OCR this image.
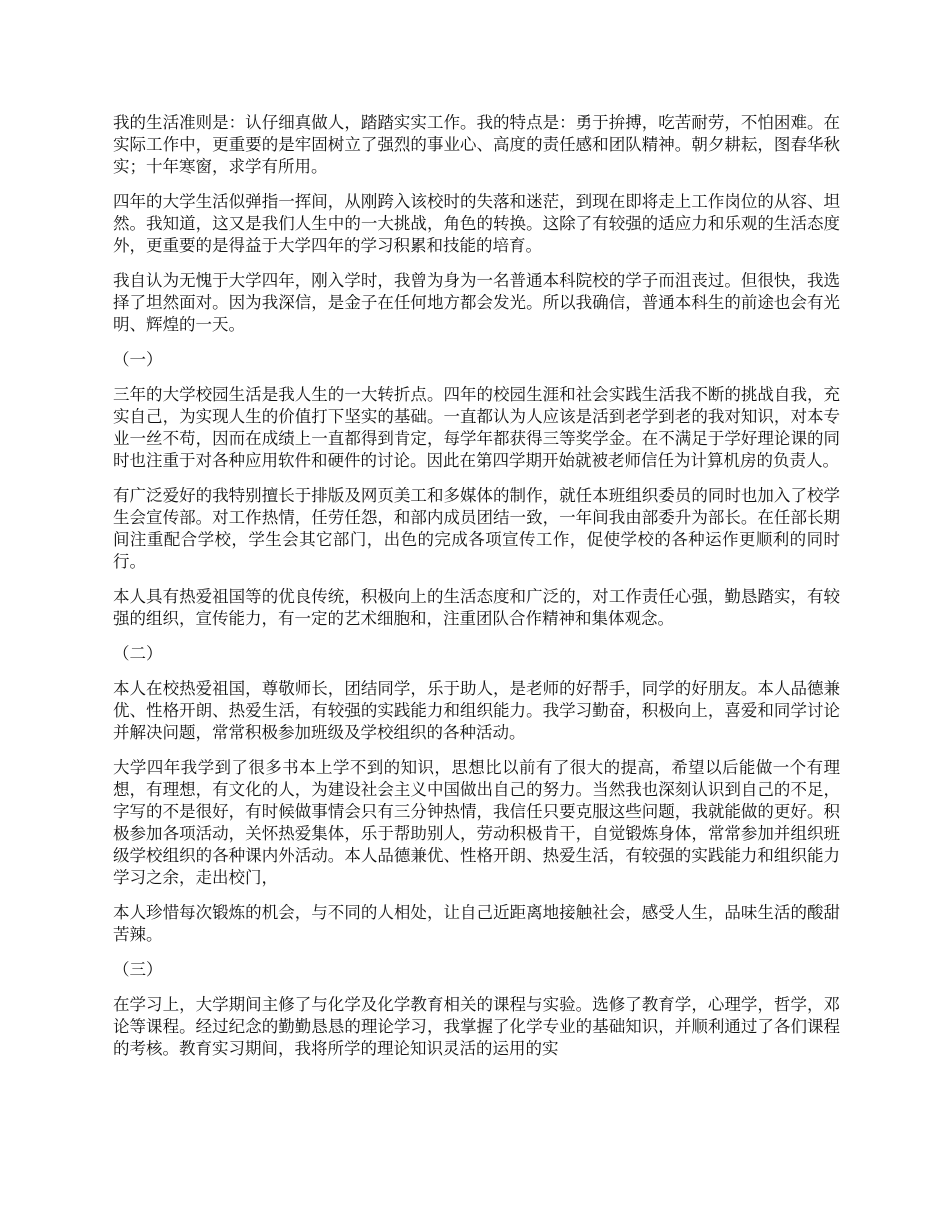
我的生活准则是：认仔细真做人，踏踏实实工作。我的特点是：勇于拚搏，吃苦耐劳，不怕困难。在实际工作中，更重要的是牢固树立了强烈的事业心、高度的责任感和团队精神。朝夕耕耘，图春华秋实；十年寒窗，求学有所用。

四年的大学生活似弹指一挥间，从刚跨入该校时的失落和迷茫，到现在即将走上工作岗位的从容、坦然。我知道，这又是我们人生中的一大挑战，角色的转换。这除了有较强的适应力和乐观的生活态度外，更重要的是得益于大学四年的学习积累和技能的培育。

我自认为无愧于大学四年，刚入学时，我曾为身为一名普通本科院校的学子而沮丧过。但很快，我选择了坦然面对。因为我深信，是金子在任何地方都会发光。所以我确信，普通本科生的前途也会有光明、辉煌的一天。

（一）

三年的大学校园生活是我人生的一大转折点。四年的校园生涯和社会实践生活我不断的挑战自我，充实自己，为实现人生的价值打下坚实的基础。一直都认为人应该是活到老学到老的我对知识，对本专业一丝不苟，因而在成绩上一直都得到肯定，每学年都获得三等奖学金。在不满足于学好理论课的同时也注重于对各种应用软件和硬件的讨论。因此在第四学期开始就被老师信任为计算机房的负责人。

有广泛爱好的我特别擅长于排版及网页美工和多媒体的制作，就任本班组织委员的同时也加入了校学生会宣传部。对工作热情，任劳任怨，和部内成员团结一致，一年间我由部委升为部长。在任部长期间注重配合学校，学生会其它部门，出色的完成各项宣传工作，促使学校的各种运作更顺利的同时行。

本人具有热爱祖国等的优良传统，积极向上的生活态度和广泛的，对工作责任心强，勤恳踏实，有较强的组织，宣传能力，有一定的艺术细胞和，注重团队合作精神和集体观念。

（二）

本人在校热爱祖国，尊敬师长，团结同学，乐于助人，是老师的好帮手，同学的好朋友。本人品德兼优、性格开朗、热爱生活，有较强的实践能力和组织能力。我学习勤奋，积极向上，喜爱和同学讨论并解决问题，常常积极参加班级及学校组织的各种活动。

大学四年我学到了很多书本上学不到的知识，思想比以前有了很大的提高，希望以后能做一个有理想，有理想，有文化的人，为建设社会主义中国做出自己的努力。当然我也深刻认识到自己的不足，字写的不是很好，有时候做事情会只有三分钟热情，我信任只要克服这些问题，我就能做的更好。积极参加各项活动，关怀热爱集体，乐于帮助别人，劳动积极肯干，自觉锻炼身体，常常参加并组织班级学校组织的各种课内外活动。本人品德兼优、性格开朗、热爱生活，有较强的实践能力和组织能力学习之余，走出校门，

本人珍惜每次锻炼的机会，与不同的人相处，让自己近距离地接触社会，感受人生，品味生活的酸甜苦辣。

（三）

在学习上，大学期间主修了与化学及化学教育相关的课程与实验。选修了教育学，心理学，哲学，邓论等课程。经过纪念的勤勤恳恳的理论学习，我掌握了化学专业的基础知识，并顺利通过了各们课程的考核。教育实习期间，我将所学的理论知识灵活的运用的实
